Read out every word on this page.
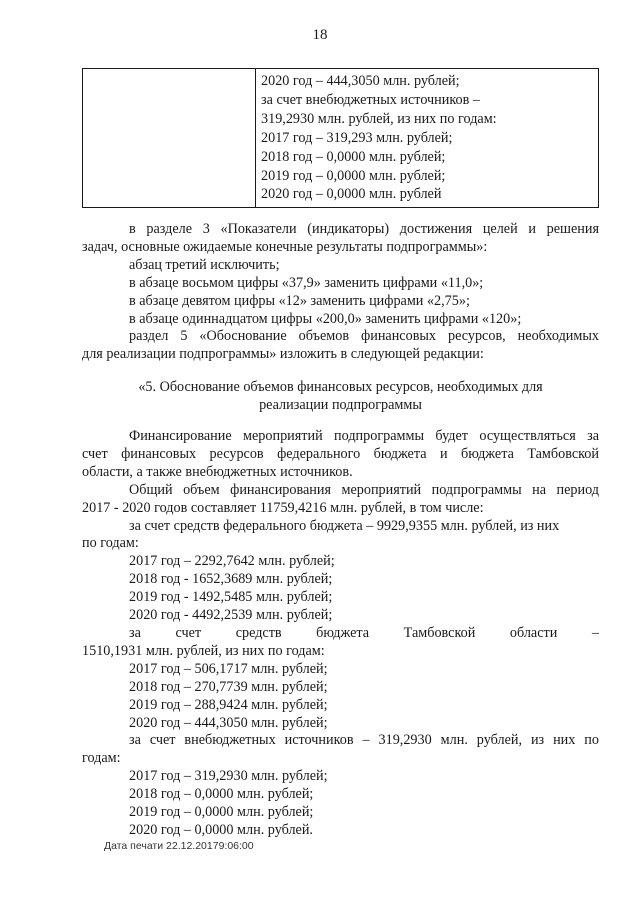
18
2020 год – 444,3050 млн. рублей;
за счет внебюджетных источников –
319,2930 млн. рублей, из них по годам:
2017 год – 319,293 млн. рублей;
2018 год – 0,0000 млн. рублей;
2019 год – 0,0000 млн. рублей;
2020 год – 0,0000 млн. рублей
в разделе 3 «Показатели (индикаторы) достижения целей и решения
задач, основные ожидаемые конечные результаты подпрограммы»:
абзац третий исключить;
в абзаце восьмом цифры «37,9» заменить цифрами «11,0»;
в абзаце девятом цифры «12» заменить цифрами «2,75»;
в абзаце одиннадцатом цифры «200,0» заменить цифрами «120»;
раздел 5 «Обоснование объемов финансовых ресурсов, необходимых
для реализации подпрограммы» изложить в следующей редакции:
«5. Обоснование объемов финансовых ресурсов, необходимых для
реализации подпрограммы
Финансирование мероприятий подпрограммы будет осуществляться за
счет финансовых ресурсов федерального бюджета и бюджета Тамбовской
области, а также внебюджетных источников.
Общий объем финансирования мероприятий подпрограммы на период
2017 - 2020 годов составляет 11759,4216 млн. рублей, в том числе:
за счет средств федерального бюджета – 9929,9355 млн. рублей, из них
по годам:
2017 год – 2292,7642 млн. рублей;
2018 год - 1652,3689 млн. рублей;
2019 год - 1492,5485 млн. рублей;
2020 год - 4492,2539 млн. рублей;
за счет средств бюджета Тамбовской области –
1510,1931 млн. рублей, из них по годам:
2017 год – 506,1717 млн. рублей;
2018 год – 270,7739 млн. рублей;
2019 год – 288,9424 млн. рублей;
2020 год – 444,3050 млн. рублей;
за счет внебюджетных источников – 319,2930 млн. рублей, из них по
годам:
2017 год – 319,2930 млн. рублей;
2018 год – 0,0000 млн. рублей;
2019 год – 0,0000 млн. рублей;
2020 год – 0,0000 млн. рублей.
Дата печати 22.12.20179:06:00
